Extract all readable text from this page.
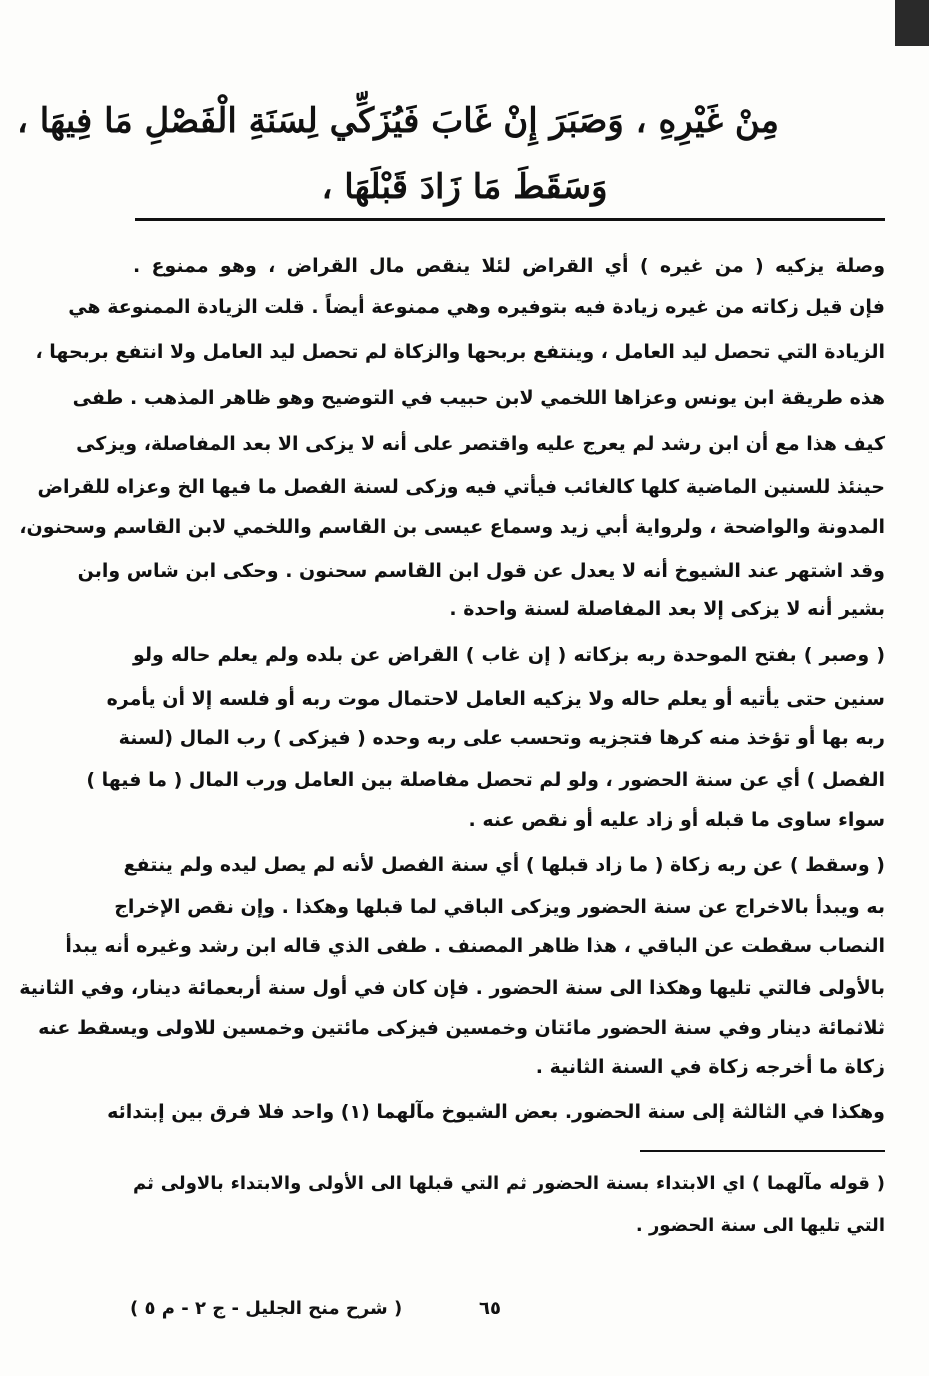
مِنْ غَيْرِهِ ، وَصَبَرَ إِنْ غَابَ فَيُزَكِّي لِسَنَةِ الْفَصْلِ مَا فِيهَا ،
وَسَقَطَ مَا زَادَ قَبْلَهَا ،
وصلة يزكيه ( من غيره ) أي القراض لئلا ينقص مال القراض ، وهو ممنوع .
فإن قيل زكاته من غيره زيادة فيه بتوفيره وهي ممنوعة أيضاً . قلت الزيادة الممنوعة هي
الزيادة التي تحصل ليد العامل ، وينتفع بربحها والزكاة لم تحصل ليد العامل ولا انتفع بربحها ،
هذه طريقة ابن يونس وعزاها اللخمي لابن حبيب في التوضيح وهو ظاهر المذهب . طفى
كيف هذا مع أن ابن رشد لم يعرج عليه واقتصر على أنه لا يزكى الا بعد المفاصلة، ويزكى
حينئذ للسنين الماضية كلها كالغائب فيأتي فيه وزكى لسنة الفصل ما فيها الخ وعزاه للقراض
المدونة والواضحة ، ولرواية أبي زيد وسماع عيسى بن القاسم واللخمي لابن القاسم وسحنون،
وقد اشتهر عند الشيوخ أنه لا يعدل عن قول ابن القاسم سحنون . وحكى ابن شاس وابن
بشير أنه لا يزكى إلا بعد المفاصلة لسنة واحدة .
( وصبر ) بفتح الموحدة ربه بزكاته ( إن غاب ) القراض عن بلده ولم يعلم حاله ولو
سنين حتى يأتيه أو يعلم حاله ولا يزكيه العامل لاحتمال موت ربه أو فلسه إلا أن يأمره
ربه بها أو تؤخذ منه كرها فتجزيه وتحسب على ربه وحده ( فيزكى ) رب المال (لسنة
الفصل ) أي عن سنة الحضور ، ولو لم تحصل مفاصلة بين العامل ورب المال ( ما فيها )
سواء ساوى ما قبله أو زاد عليه أو نقص عنه .
( وسقط ) عن ربه زكاة ( ما زاد قبلها ) أي سنة الفصل لأنه لم يصل ليده ولم ينتفع
به ويبدأ بالاخراج عن سنة الحضور ويزكى الباقي لما قبلها وهكذا . وإن نقص الإخراج
النصاب سقطت عن الباقي ، هذا ظاهر المصنف . طفى الذي قاله ابن رشد وغيره أنه يبدأ
بالأولى فالتي تليها وهكذا الى سنة الحضور . فإن كان في أول سنة أربعمائة دينار، وفي الثانية
ثلاثمائة دينار وفي سنة الحضور مائتان وخمسين فيزكى مائتين وخمسين للاولى ويسقط عنه
زكاة ما أخرجه زكاة في السنة الثانية .
وهكذا في الثالثة إلى سنة الحضور. بعض الشيوخ مآلهما (١) واحد فلا فرق بين إبتدائه
( قوله مآلهما ) اي الابتداء بسنة الحضور ثم التي قبلها الى الأولى والابتداء بالاولى ثم
التي تليها الى سنة الحضور .
٦٥
( شرح منح الجليل - ج ٢ - م ٥ )
